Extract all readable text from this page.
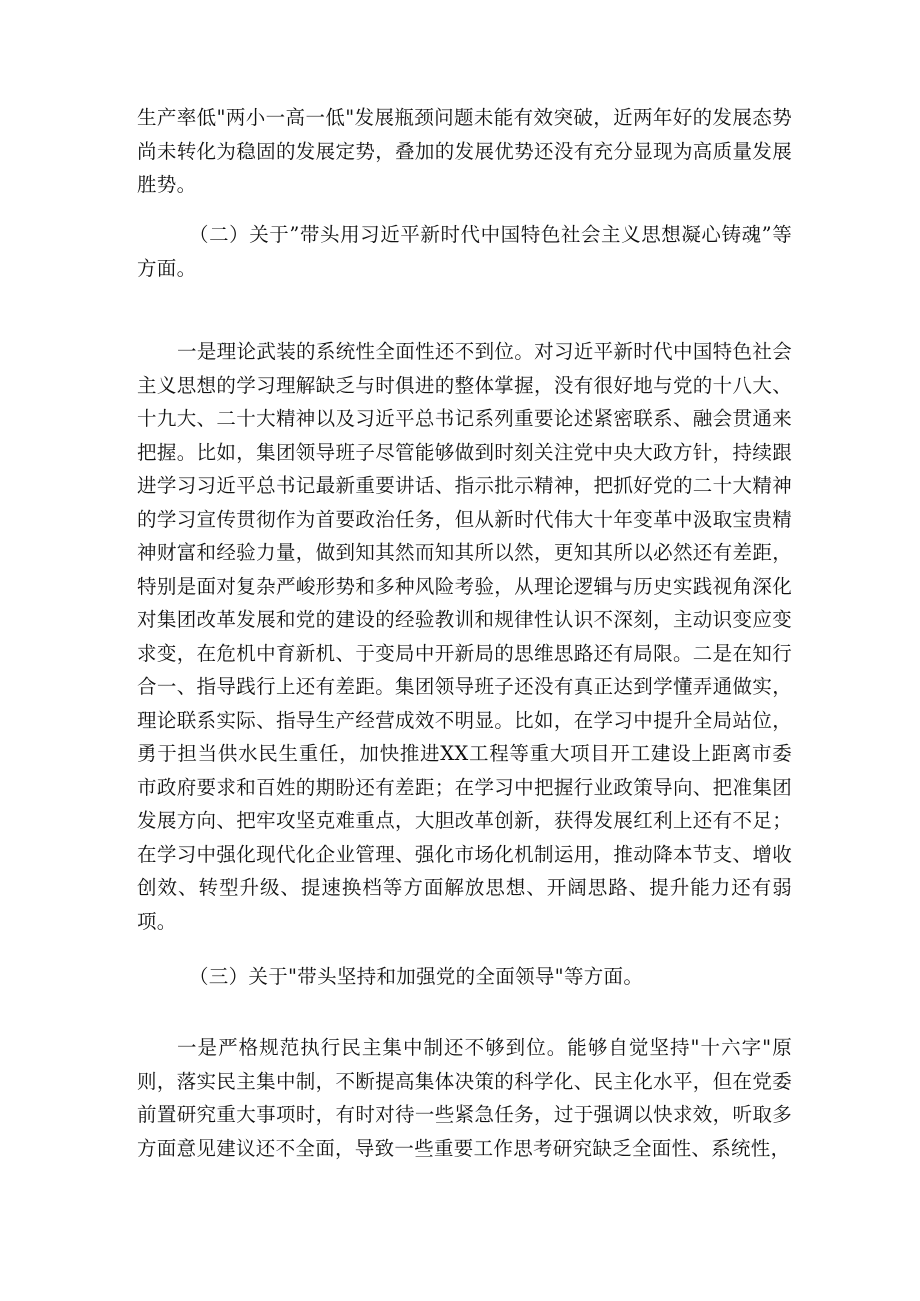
生产率低"两小一高一低"发展瓶颈问题未能有效突破，近两年好的发展态势尚未转化为稳固的发展定势，叠加的发展优势还没有充分显现为高质量发展胜势。

（二）关于”带头用习近平新时代中国特色社会主义思想凝心铸魂”等方面。

一是理论武装的系统性全面性还不到位。对习近平新时代中国特色社会主义思想的学习理解缺乏与时俱进的整体掌握，没有很好地与党的十八大、十九大、二十大精神以及习近平总书记系列重要论述紧密联系、融会贯通来把握。比如，集团领导班子尽管能够做到时刻关注党中央大政方针，持续跟进学习习近平总书记最新重要讲话、指示批示精神，把抓好党的二十大精神的学习宣传贯彻作为首要政治任务，但从新时代伟大十年变革中汲取宝贵精神财富和经验力量，做到知其然而知其所以然，更知其所以必然还有差距，特别是面对复杂严峻形势和多种风险考验，从理论逻辑与历史实践视角深化对集团改革发展和党的建设的经验教训和规律性认识不深刻，主动识变应变求变，在危机中育新机、于变局中开新局的思维思路还有局限。二是在知行合一、指导践行上还有差距。集团领导班子还没有真正达到学懂弄通做实，理论联系实际、指导生产经营成效不明显。比如，在学习中提升全局站位，勇于担当供水民生重任，加快推进XX工程等重大项目开工建设上距离市委市政府要求和百姓的期盼还有差距；在学习中把握行业政策导向、把准集团发展方向、把牢攻坚克难重点，大胆改革创新，获得发展红利上还有不足；在学习中强化现代化企业管理、强化市场化机制运用，推动降本节支、增收创效、转型升级、提速换档等方面解放思想、开阔思路、提升能力还有弱项。

（三）关于"带头坚持和加强党的全面领导"等方面。

一是严格规范执行民主集中制还不够到位。能够自觉坚持"十六字"原则，落实民主集中制，不断提高集体决策的科学化、民主化水平，但在党委前置研究重大事项时，有时对待一些紧急任务，过于强调以快求效，听取多方面意见建议还不全面，导致一些重要工作思考研究缺乏全面性、系统性，
